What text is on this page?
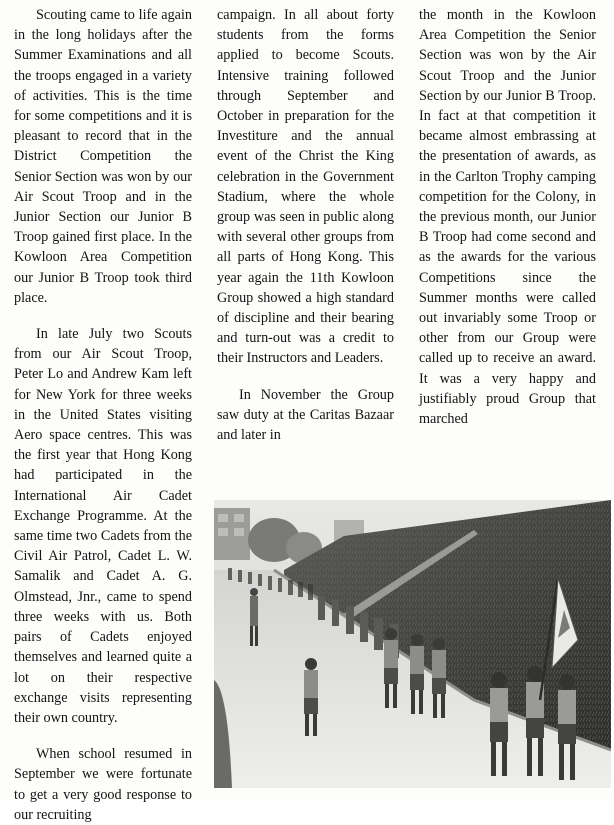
Scouting came to life again in the long holidays after the Summer Examinations and all the troops engaged in a variety of activities. This is the time for some competitions and it is pleasant to record that in the District Competition the Senior Section was won by our Air Scout Troop and in the Junior Section our Junior B Troop gained first place. In the Kowloon Area Competition our Junior B Troop took third place.

In late July two Scouts from our Air Scout Troop, Peter Lo and Andrew Kam left for New York for three weeks in the United States visiting Aero space centres. This was the first year that Hong Kong had participated in the International Air Cadet Exchange Programme. At the same time two Cadets from the Civil Air Patrol, Cadet L. W. Samalik and Cadet A. G. Olmstead, Jnr., came to spend three weeks with us. Both pairs of Cadets enjoyed themselves and learned quite a lot on their respective exchange visits representing their own country.

When school resumed in September we were fortunate to get a very good response to our recruiting

campaign. In all about forty students from the forms applied to become Scouts. Intensive training followed through September and October in preparation for the Investiture and the annual event of the Christ the King celebration in the Government Stadium, where the whole group was seen in public along with several other groups from all parts of Hong Kong. This year again the 11th Kowloon Group showed a high standard of discipline and their bearing and turn-out was a credit to their Instructors and Leaders.

In November the Group saw duty at the Caritas Bazaar and later in

the month in the Kowloon Area Competition the Senior Section was won by the Air Scout Troop and the Junior Section by our Junior B Troop. In fact at that competition it became almost embrassing at the presentation of awards, as in the Carlton Trophy camping competition for the Colony, in the previous month, our Junior B Troop had come second and as the awards for the various Competitions since the Summer months were called out invariably some Troop or other from our Group were called up to receive an award. It was a very happy and justifiably proud Group that marched
